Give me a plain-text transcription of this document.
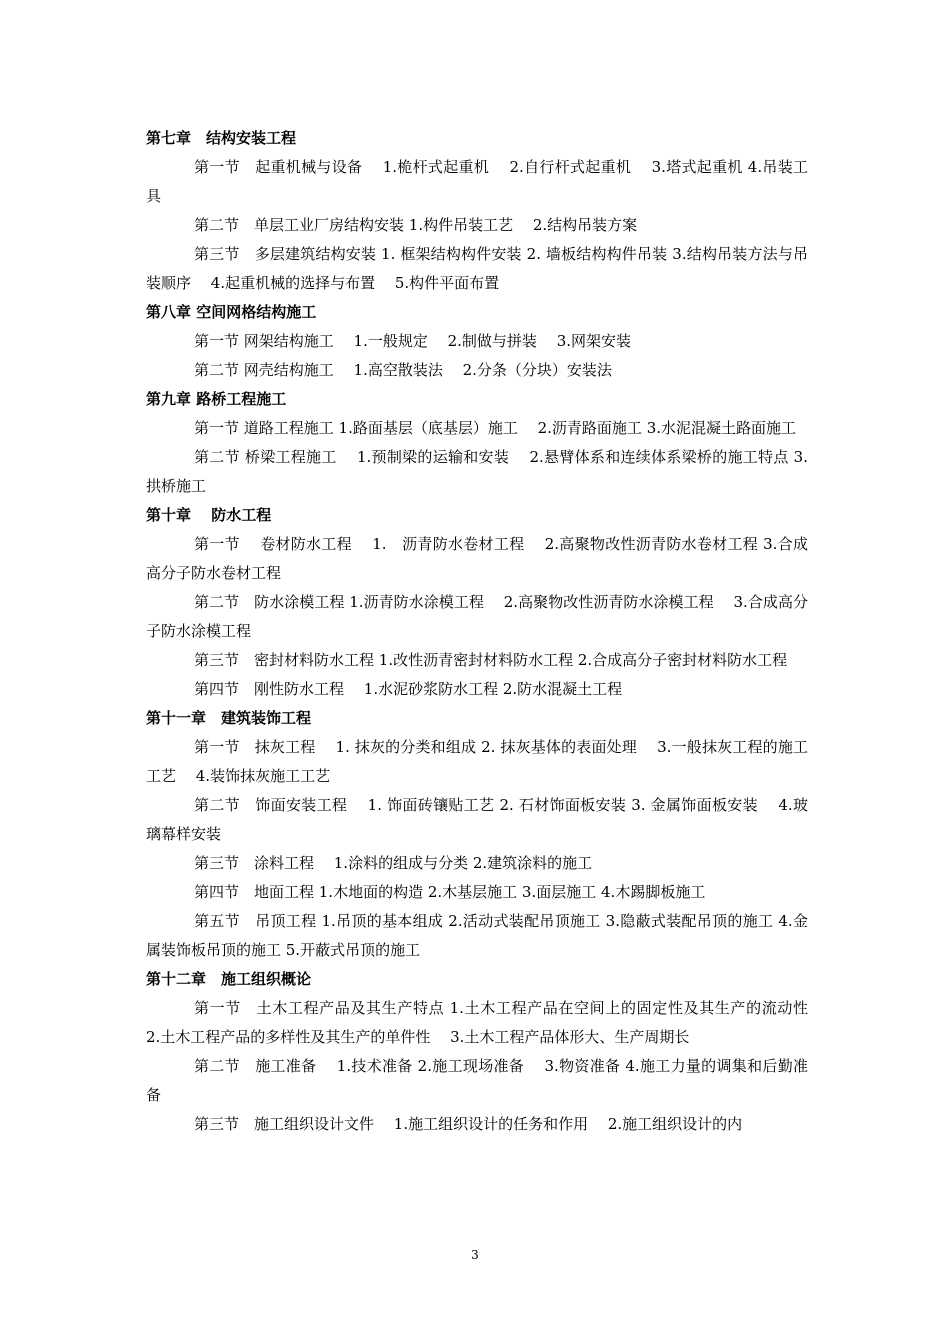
第七章　结构安装工程

第一节　起重机械与设备　 1.桅杆式起重机　 2.自行杆式起重机　 3.塔式起重机 4.吊装工具

第二节　单层工业厂房结构安装 1.构件吊装工艺　 2.结构吊装方案

第三节　多层建筑结构安装 1. 框架结构构件安装 2. 墙板结构构件吊装 3.结构吊装方法与吊装顺序　 4.起重机械的选择与布置　 5.构件平面布置

第八章 空间网格结构施工

第一节 网架结构施工　 1.一般规定　 2.制做与拼装　 3.网架安装

第二节 网壳结构施工　 1.高空散装法　 2.分条（分块）安装法

第九章 路桥工程施工

第一节 道路工程施工 1.路面基层（底基层）施工　 2.沥青路面施工 3.水泥混凝土路面施工

第二节 桥梁工程施工　 1.预制梁的运输和安装　 2.悬臂体系和连续体系梁桥的施工特点 3.拱桥施工

第十章　 防水工程

第一节　 卷材防水工程　 1.　沥青防水卷材工程　 2.高聚物改性沥青防水卷材工程 3.合成高分子防水卷材工程

第二节　防水涂模工程 1.沥青防水涂模工程　 2.高聚物改性沥青防水涂模工程　 3.合成高分子防水涂模工程

第三节　密封材料防水工程 1.改性沥青密封材料防水工程 2.合成高分子密封材料防水工程

第四节　刚性防水工程　 1.水泥砂浆防水工程 2.防水混凝土工程

第十一章　建筑装饰工程

第一节　抹灰工程　 1. 抹灰的分类和组成 2. 抹灰基体的表面处理　 3.一般抹灰工程的施工工艺　 4.装饰抹灰施工工艺

第二节　饰面安装工程　 1. 饰面砖镶贴工艺 2. 石材饰面板安装 3. 金属饰面板安装　 4.玻璃幕样安装

第三节　涂料工程　 1.涂料的组成与分类 2.建筑涂料的施工

第四节　地面工程 1.木地面的构造 2.木基层施工 3.面层施工 4.木踢脚板施工

第五节　吊顶工程 1.吊顶的基本组成 2.活动式装配吊顶施工 3.隐蔽式装配吊顶的施工 4.金属装饰板吊顶的施工 5.开蔽式吊顶的施工

第十二章　施工组织概论

第一节　土木工程产品及其生产特点 1.土木工程产品在空间上的固定性及其生产的流动性　 2.土木工程产品的多样性及其生产的单件性　 3.土木工程产品体形大、生产周期长

第二节　施工准备　 1.技术准备 2.施工现场准备　 3.物资准备 4.施工力量的调集和后勤准备

第三节　施工组织设计文件　 1.施工组织设计的任务和作用　 2.施工组织设计的内

3
